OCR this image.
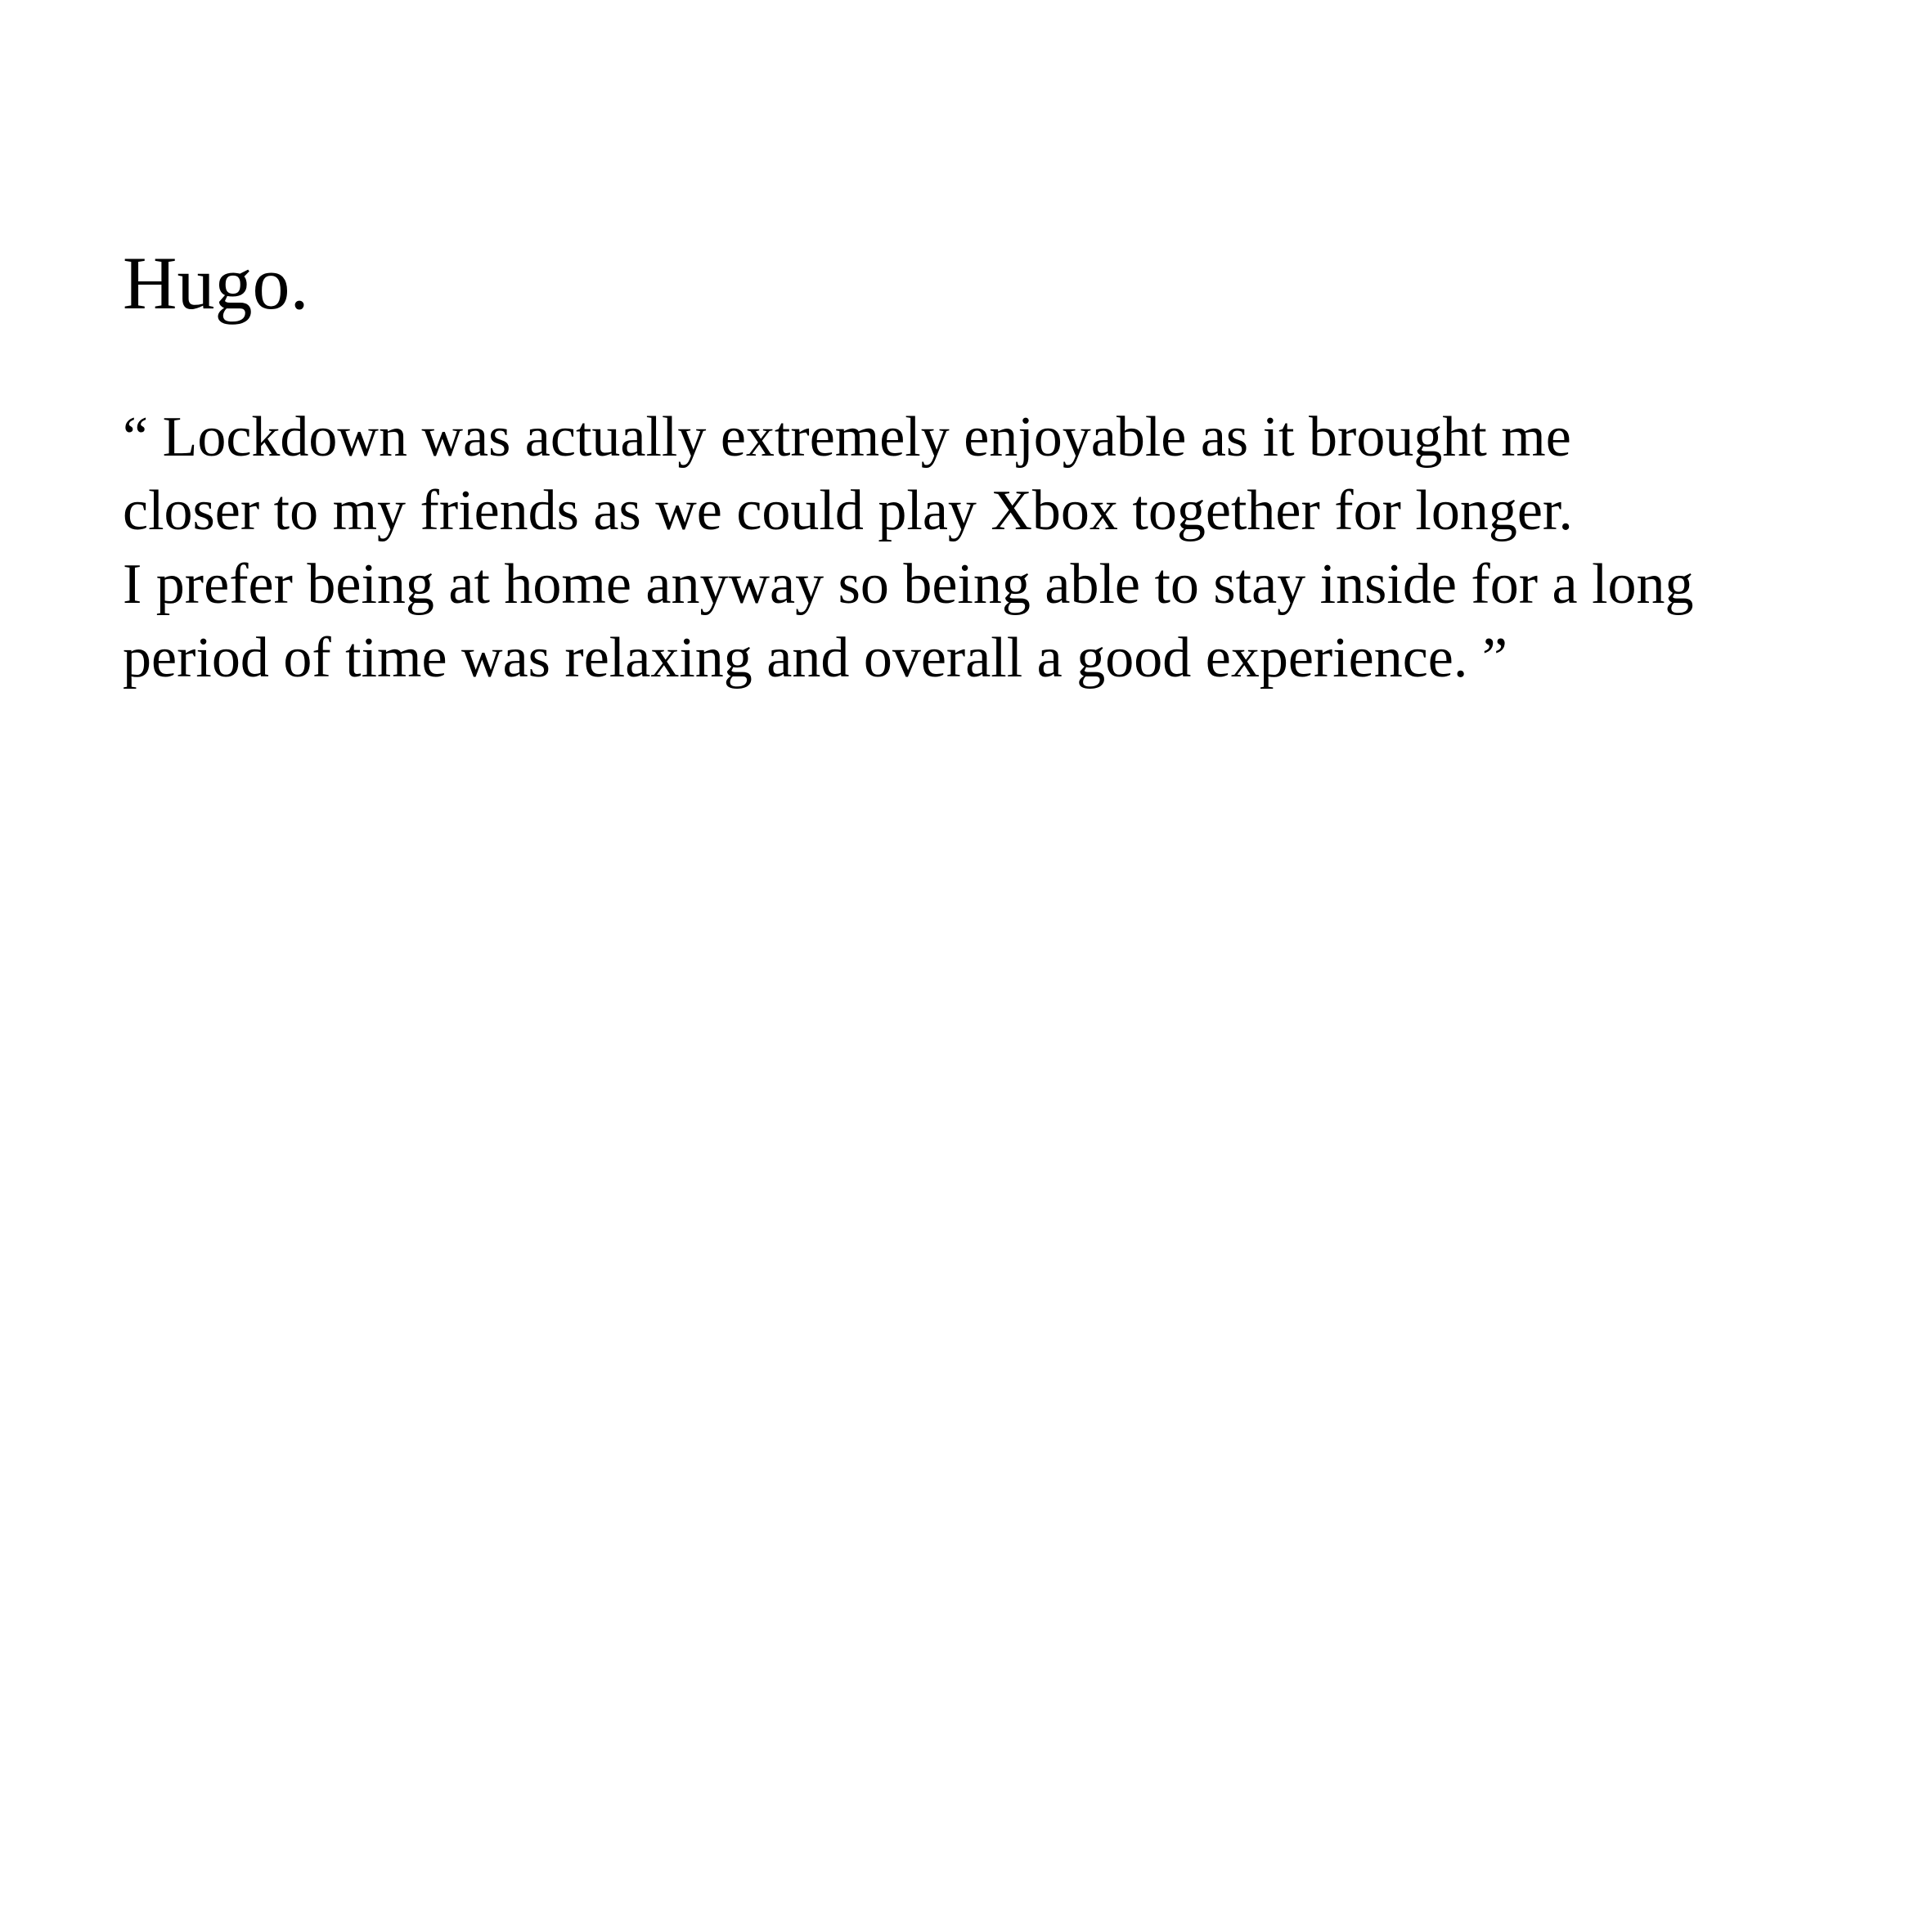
Hugo.

“ Lockdown was actually extremely enjoyable as it brought me
closer to my friends as we could play Xbox together for longer.
I prefer being at home anyway so being able to stay inside for a long
period of time was relaxing and overall a good experience. ”
